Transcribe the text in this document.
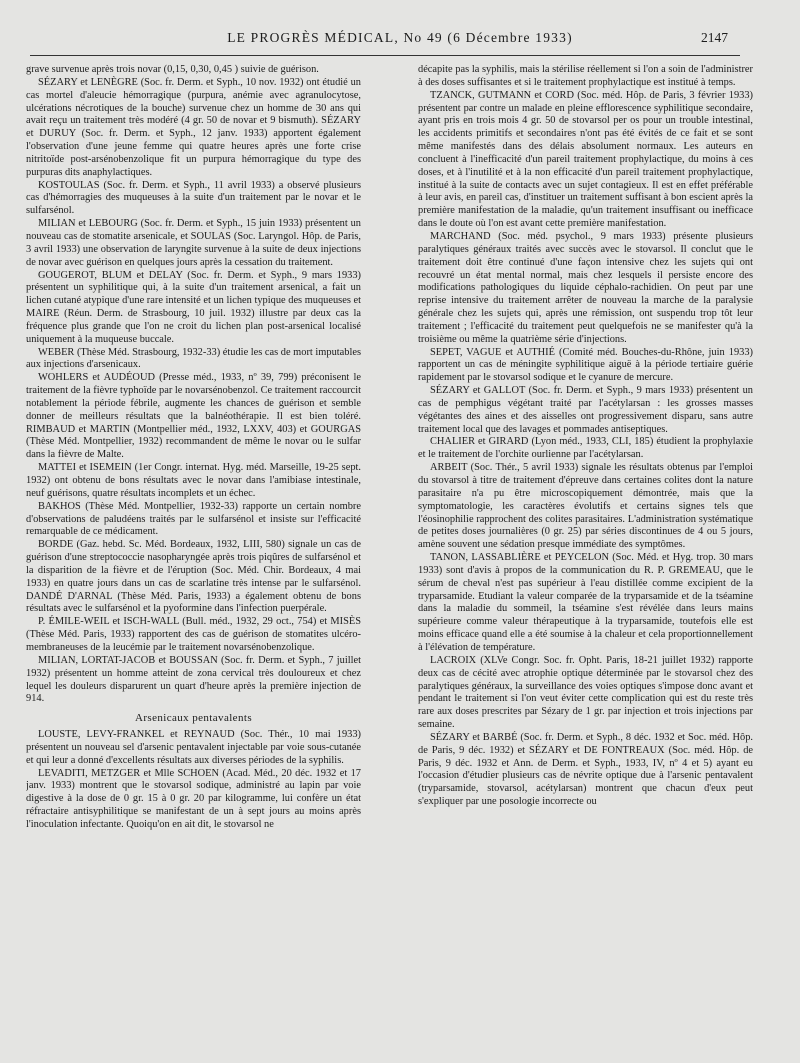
LE PROGRÈS MÉDICAL, No 49 (6 Décembre 1933)	2147

grave survenue après trois novar (0,15, 0,30, 0,45 ) suivie de guérison.

SÉZARY et LENÈGRE (Soc. fr. Derm. et Syph., 10 nov. 1932) ont étudié un cas mortel d'aleucie hémorragique (purpura, anémie avec agranulocytose, ulcérations nécrotiques de la bouche) survenue chez un homme de 30 ans qui avait reçu un traitement très modéré (4 gr. 50 de novar et 9 bismuth). SÉZARY et DURUY (Soc. fr. Derm. et Syph., 12 janv. 1933) apportent également l'observation d'une jeune femme qui quatre heures après une forte crise nitritoïde post-arsénobenzolique fit un purpura hémorragique du type des purpuras dits anaphylactiques.

KOSTOULAS (Soc. fr. Derm. et Syph., 11 avril 1933) a observé plusieurs cas d'hémorragies des muqueuses à la suite d'un traitement par le novar et le sulfarsénol.

MILIAN et LEBOURG (Soc. fr. Derm. et Syph., 15 juin 1933) présentent un nouveau cas de stomatite arsenicale, et SOULAS (Soc. Laryngol. Hôp. de Paris, 3 avril 1933) une observation de laryngite survenue à la suite de deux injections de novar avec guérison en quelques jours après la cessation du traitement.

GOUGEROT, BLUM et DELAY (Soc. fr. Derm. et Syph., 9 mars 1933) présentent un syphilitique qui, à la suite d'un traitement arsenical, a fait un lichen cutané atypique d'une rare intensité et un lichen typique des muqueuses et MAIRE (Réun. Derm. de Strasbourg, 10 juil. 1932) illustre par deux cas la fréquence plus grande que l'on ne croit du lichen plan post-arsenical localisé uniquement à la muqueuse buccale.

WEBER (Thèse Méd. Strasbourg, 1932-33) étudie les cas de mort imputables aux injections d'arsenicaux.

WOHLERS et AUDÉOUD (Presse méd., 1933, nº 39, 799) préconisent le traitement de la fièvre typhoïde par le novarsénobenzol. Ce traitement raccourcit notablement la période fébrile, augmente les chances de guérison et semble donner de meilleurs résultats que la balnéothérapie. Il est bien toléré. RIMBAUD et MARTIN (Montpellier méd., 1932, LXXV, 403) et GOURGAS (Thèse Méd. Montpellier, 1932) recommandent de même le novar ou le sulfar dans la fièvre de Malte.

MATTEI et ISEMEIN (1er Congr. internat. Hyg. méd. Marseille, 19-25 sept. 1932) ont obtenu de bons résultats avec le novar dans l'amibiase intestinale, neuf guérisons, quatre résultats incomplets et un échec.

BAKHOS (Thèse Méd. Montpellier, 1932-33) rapporte un certain nombre d'observations de paludéens traités par le sulfarsénol et insiste sur l'efficacité remarquable de ce médicament.

BORDE (Gaz. hebd. Sc. Méd. Bordeaux, 1932, LIII, 580) signale un cas de guérison d'une streptococcie nasopharyngée après trois piqûres de sulfarsénol et la disparition de la fièvre et de l'éruption (Soc. Méd. Chir. Bordeaux, 4 mai 1933) en quatre jours dans un cas de scarlatine très intense par le sulfarsénol. DANDÉ D'ARNAL (Thèse Méd. Paris, 1933) a également obtenu de bons résultats avec le sulfarsénol et la pyoformine dans l'infection puerpérale.

P. ÉMILE-WEIL et ISCH-WALL (Bull. méd., 1932, 29 oct., 754) et MISÈS (Thèse Méd. Paris, 1933) rapportent des cas de guérison de stomatites ulcéro-membraneuses de la leucémie par le traitement novarsénobenzolique.

MILIAN, LORTAT-JACOB et BOUSSAN (Soc. fr. Derm. et Syph., 7 juillet 1932) présentent un homme atteint de zona cervical très douloureux et chez lequel les douleurs disparurent un quart d'heure après la première injection de 914.

Arsenicaux pentavalents

LOUSTE, LEVY-FRANKEL et REYNAUD (Soc. Thér., 10 mai 1933) présentent un nouveau sel d'arsenic pentavalent injectable par voie sous-cutanée et qui leur a donné d'excellents résultats aux diverses périodes de la syphilis.

LEVADITI, METZGER et Mlle SCHOEN (Acad. Méd., 20 déc. 1932 et 17 janv. 1933) montrent que le stovarsol sodique, administré au lapin par voie digestive à la dose de 0 gr. 15 à 0 gr. 20 par kilogramme, lui confère un état réfractaire antisyphilitique se manifestant de un à sept jours au moins après l'inoculation infectante. Quoiqu'on en ait dit, le stovarsol ne

décapite pas la syphilis, mais la stérilise réellement si l'on a soin de l'administrer à des doses suffisantes et si le traitement prophylactique est institué à temps.

TZANCK, GUTMANN et CORD (Soc. méd. Hôp. de Paris, 3 février 1933) présentent par contre un malade en pleine efflorescence syphilitique secondaire, ayant pris en trois mois 4 gr. 50 de stovarsol per os pour un trouble intestinal, les accidents primitifs et secondaires n'ont pas été évités de ce fait et se sont même manifestés dans des délais absolument normaux. Les auteurs en concluent à l'inefficacité d'un pareil traitement prophylactique, du moins à ces doses, et à l'inutilité et à la non efficacité d'un pareil traitement prophylactique, institué à la suite de contacts avec un sujet contagieux. Il est en effet préférable à leur avis, en pareil cas, d'instituer un traitement suffisant à bon escient après la première manifestation de la maladie, qu'un traitement insuffisant ou inefficace dans le doute où l'on est avant cette première manifestation.

MARCHAND (Soc. méd. psychol., 9 mars 1933) présente plusieurs paralytiques généraux traités avec succès avec le stovarsol. Il conclut que le traitement doit être continué d'une façon intensive chez les sujets qui ont recouvré un état mental normal, mais chez lesquels il persiste encore des modifications pathologiques du liquide céphalo-rachidien. On peut par une reprise intensive du traitement arrêter de nouveau la marche de la paralysie générale chez les sujets qui, après une rémission, ont suspendu trop tôt leur traitement ; l'efficacité du traitement peut quelquefois ne se manifester qu'à la troisième ou même la quatrième série d'injections.

SEPET, VAGUE et AUTHIÉ (Comité méd. Bouches-du-Rhône, juin 1933) rapportent un cas de méningite syphilitique aiguë à la période tertiaire guérie rapidement par le stovarsol sodique et le cyanure de mercure.

SÉZARY et GALLOT (Soc. fr. Derm. et Syph., 9 mars 1933) présentent un cas de pemphigus végétant traité par l'acétylarsan : les grosses masses végétantes des aines et des aisselles ont progressivement disparu, sans autre traitement local que des lavages et pommades antiseptiques.

CHALIER et GIRARD (Lyon méd., 1933, CLI, 185) étudient la prophylaxie et le traitement de l'orchite ourlienne par l'acétylarsan.

ARBEIT (Soc. Thér., 5 avril 1933) signale les résultats obtenus par l'emploi du stovarsol à titre de traitement d'épreuve dans certaines colites dont la nature parasitaire n'a pu être microscopiquement démontrée, mais que la symptomatologie, les caractères évolutifs et certains signes tels que l'éosinophilie rapprochent des colites parasitaires. L'administration systématique de petites doses journalières (0 gr. 25) par séries discontinues de 4 ou 5 jours, amène souvent une sédation presque immédiate des symptômes.

TANON, LASSABLIÈRE et PEYCELON (Soc. Méd. et Hyg. trop. 30 mars 1933) sont d'avis à propos de la communication du R. P. GREMEAU, que le sérum de cheval n'est pas supérieur à l'eau distillée comme excipient de la tryparsamide. Etudiant la valeur comparée de la tryparsamide et de la tséamine dans la maladie du sommeil, la tséamine s'est révélée dans leurs mains supérieure comme valeur thérapeutique à la tryparsamide, toutefois elle est moins efficace quand elle a été soumise à la chaleur et cela proportionnellement à l'élévation de température.

LACROIX (XLVe Congr. Soc. fr. Opht. Paris, 18-21 juillet 1932) rapporte deux cas de cécité avec atrophie optique déterminée par le stovarsol chez des paralytiques généraux, la surveillance des voies optiques s'impose donc avant et pendant le traitement si l'on veut éviter cette complication qui est du reste très rare aux doses prescrites par Sézary de 1 gr. par injection et trois injections par semaine.

SÉZARY et BARBÉ (Soc. fr. Derm. et Syph., 8 déc. 1932 et Soc. méd. Hôp. de Paris, 9 déc. 1932) et SÉZARY et DE FONTREAUX (Soc. méd. Hôp. de Paris, 9 déc. 1932 et Ann. de Derm. et Syph., 1933, IV, nº 4 et 5) ayant eu l'occasion d'étudier plusieurs cas de névrite optique due à l'arsenic pentavalent (tryparsamide, stovarsol, acétylarsan) montrent que chacun d'eux peut s'expliquer par une posologie incorrecte ou
